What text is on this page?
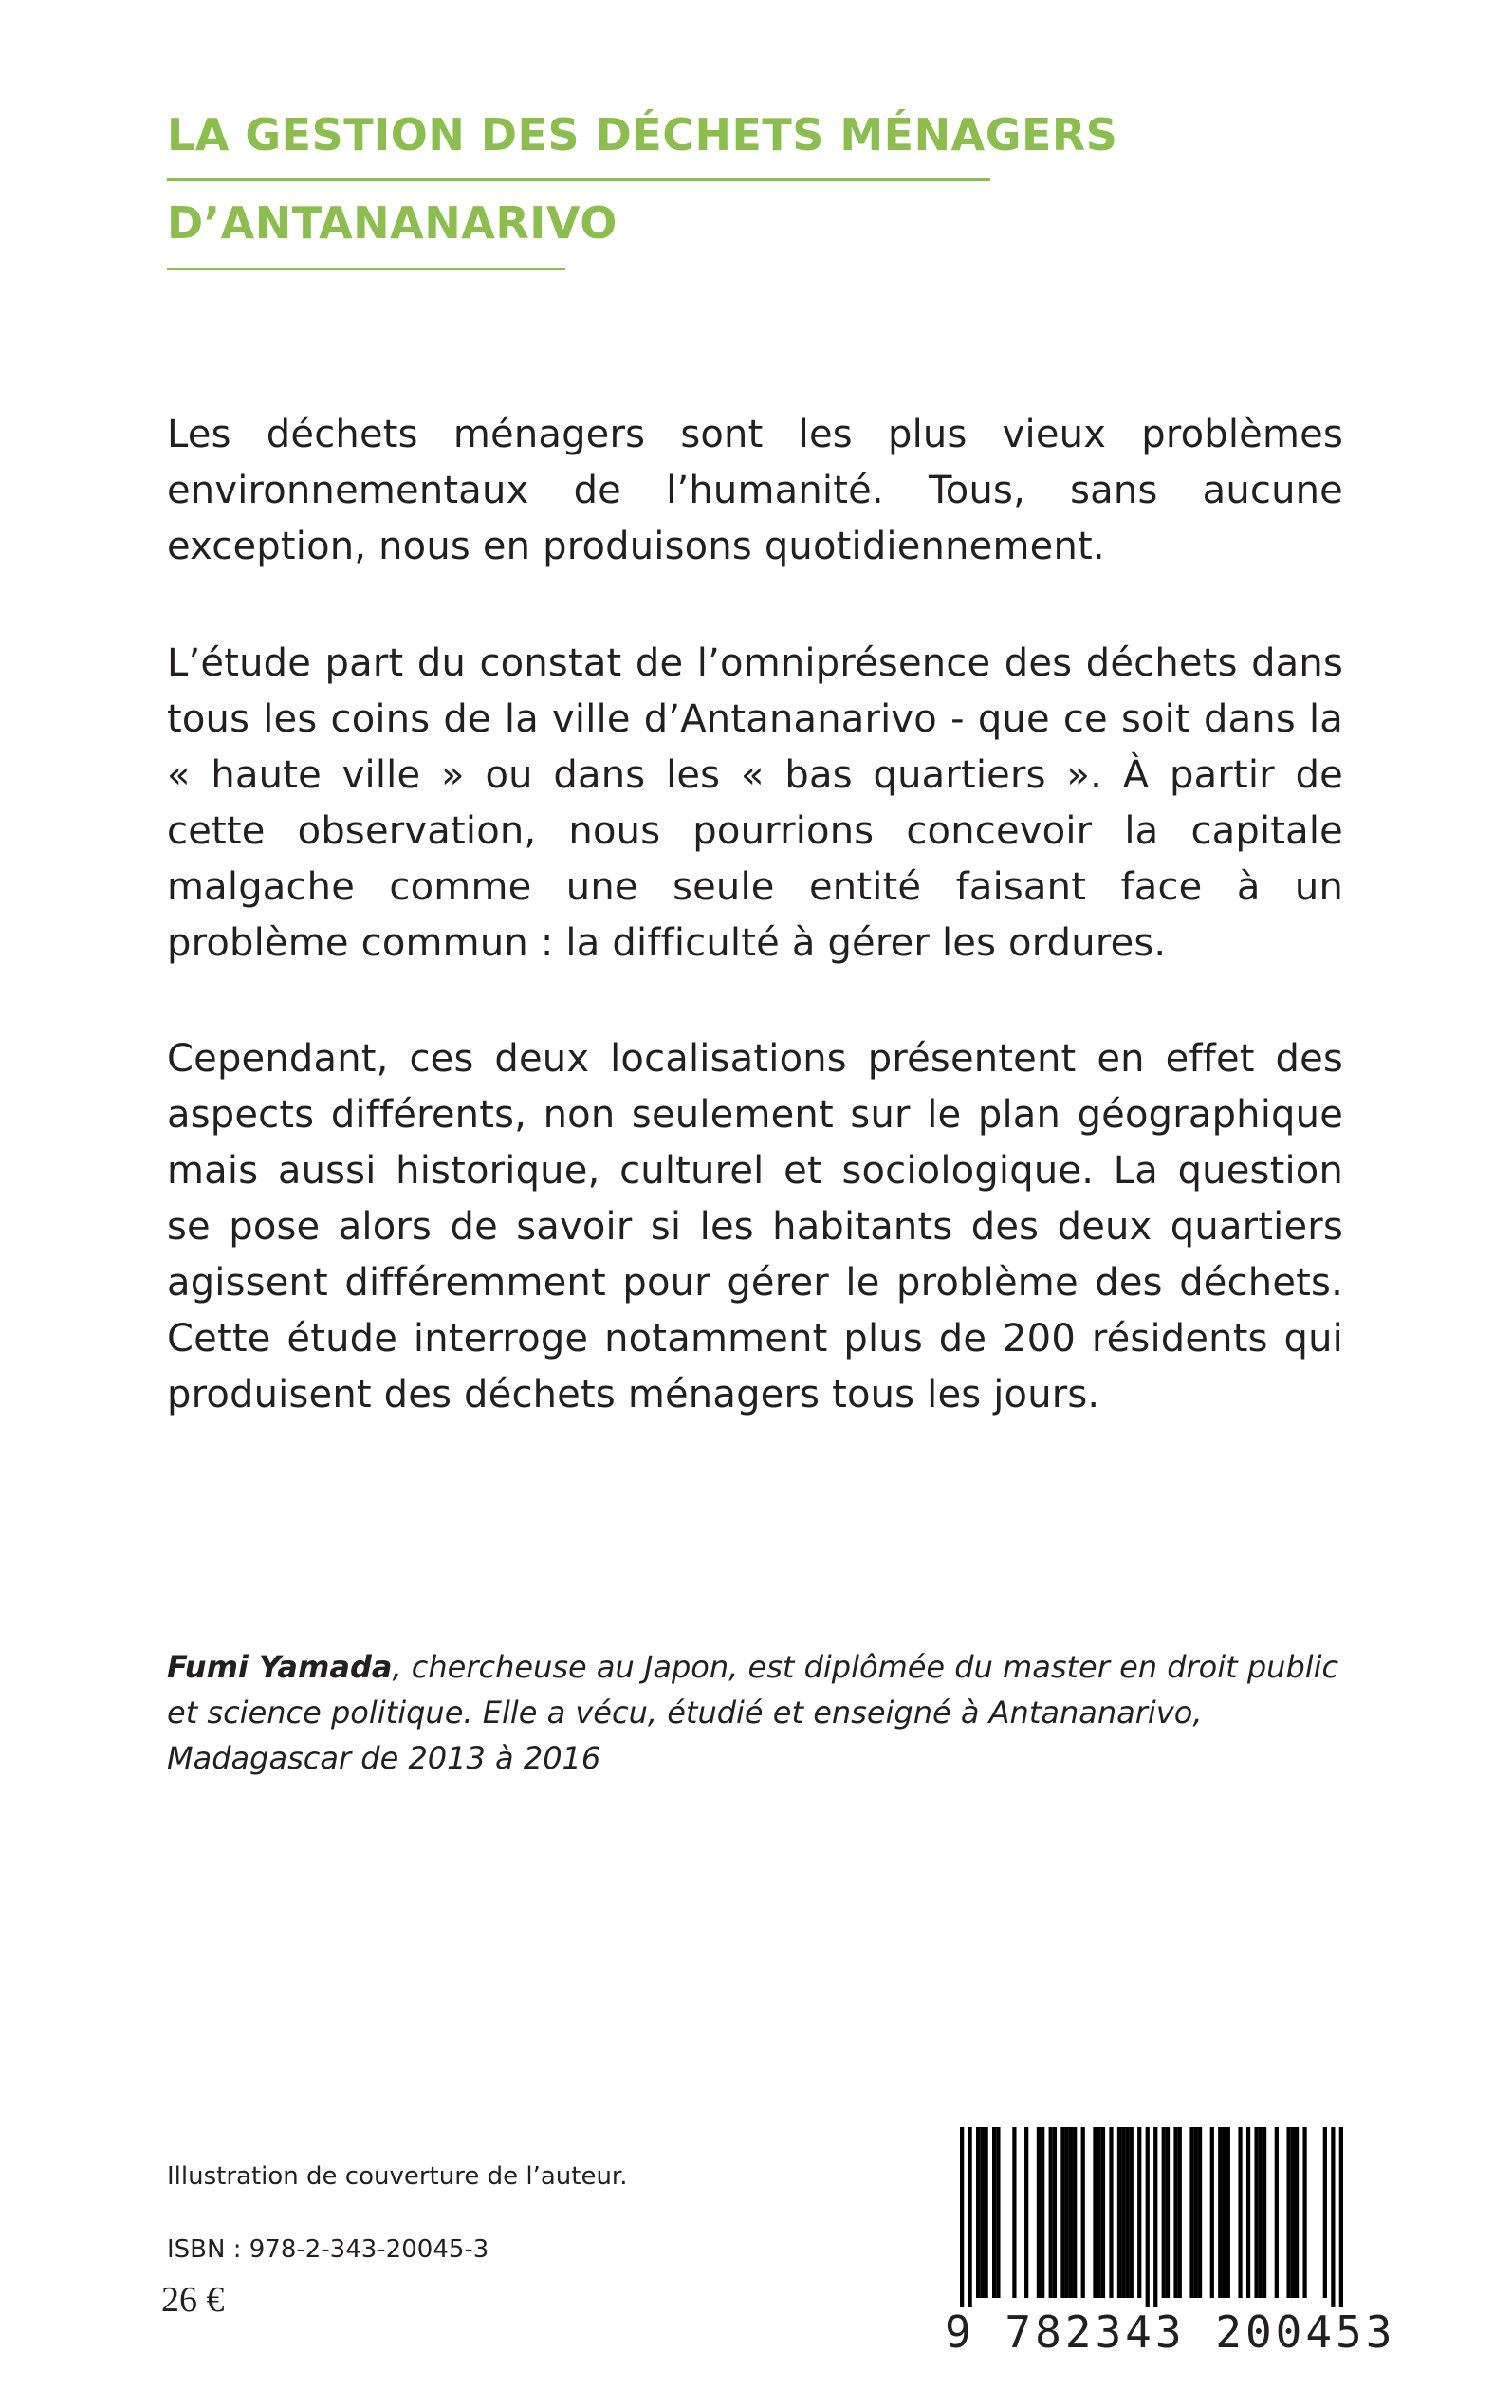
LA GESTION DES DÉCHETS MÉNAGERS
D’ANTANANARIVO

Les déchets ménagers sont les plus vieux problèmes environnementaux de l’humanité. Tous, sans aucune exception, nous en produisons quotidiennement.

L’étude part du constat de l’omniprésence des déchets dans tous les coins de la ville d’Antananarivo - que ce soit dans la « haute ville » ou dans les « bas quartiers ». À partir de cette observation, nous pourrions concevoir la capitale malgache comme une seule entité faisant face à un problème commun : la difficulté à gérer les ordures.

Cependant, ces deux localisations présentent en effet des aspects différents, non seulement sur le plan géographique mais aussi historique, culturel et sociologique. La question se pose alors de savoir si les habitants des deux quartiers agissent différemment pour gérer le problème des déchets. Cette étude interroge notamment plus de 200 résidents qui produisent des déchets ménagers tous les jours.

Fumi Yamada, chercheuse au Japon, est diplômée du master en droit public et science politique. Elle a vécu, étudié et enseigné à Antananarivo, Madagascar de 2013 à 2016

Illustration de couverture de l’auteur.
ISBN : 978-2-343-20045-3
26 €
9 782343 200453
